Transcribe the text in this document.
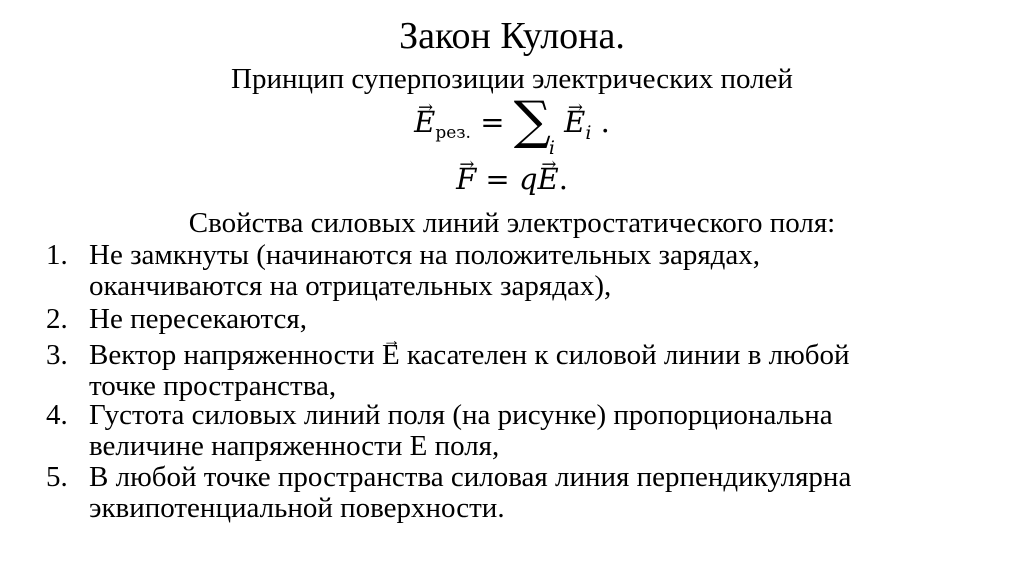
Закон Кулона.
Принцип суперпозиции электрических полей
→ $E_{рез.} = \sum_i \to E_i$ .
→ F = q→ E.
Свойства силовых линий электростатического поля:
1. Не замкнуты (начинаются на положительных зарядах,
оканчиваются на отрицательных зарядах),
2. Не пересекаются,
3. Вектор напряженности → E касателен к силовой линии в любой
точке пространства,
4. Густота силовых линий поля (на рисунке) пропорциональна
величине напряженности E поля,
5. В любой точке пространства силовая линия перпендикулярна
эквипотенциальной поверхности.
